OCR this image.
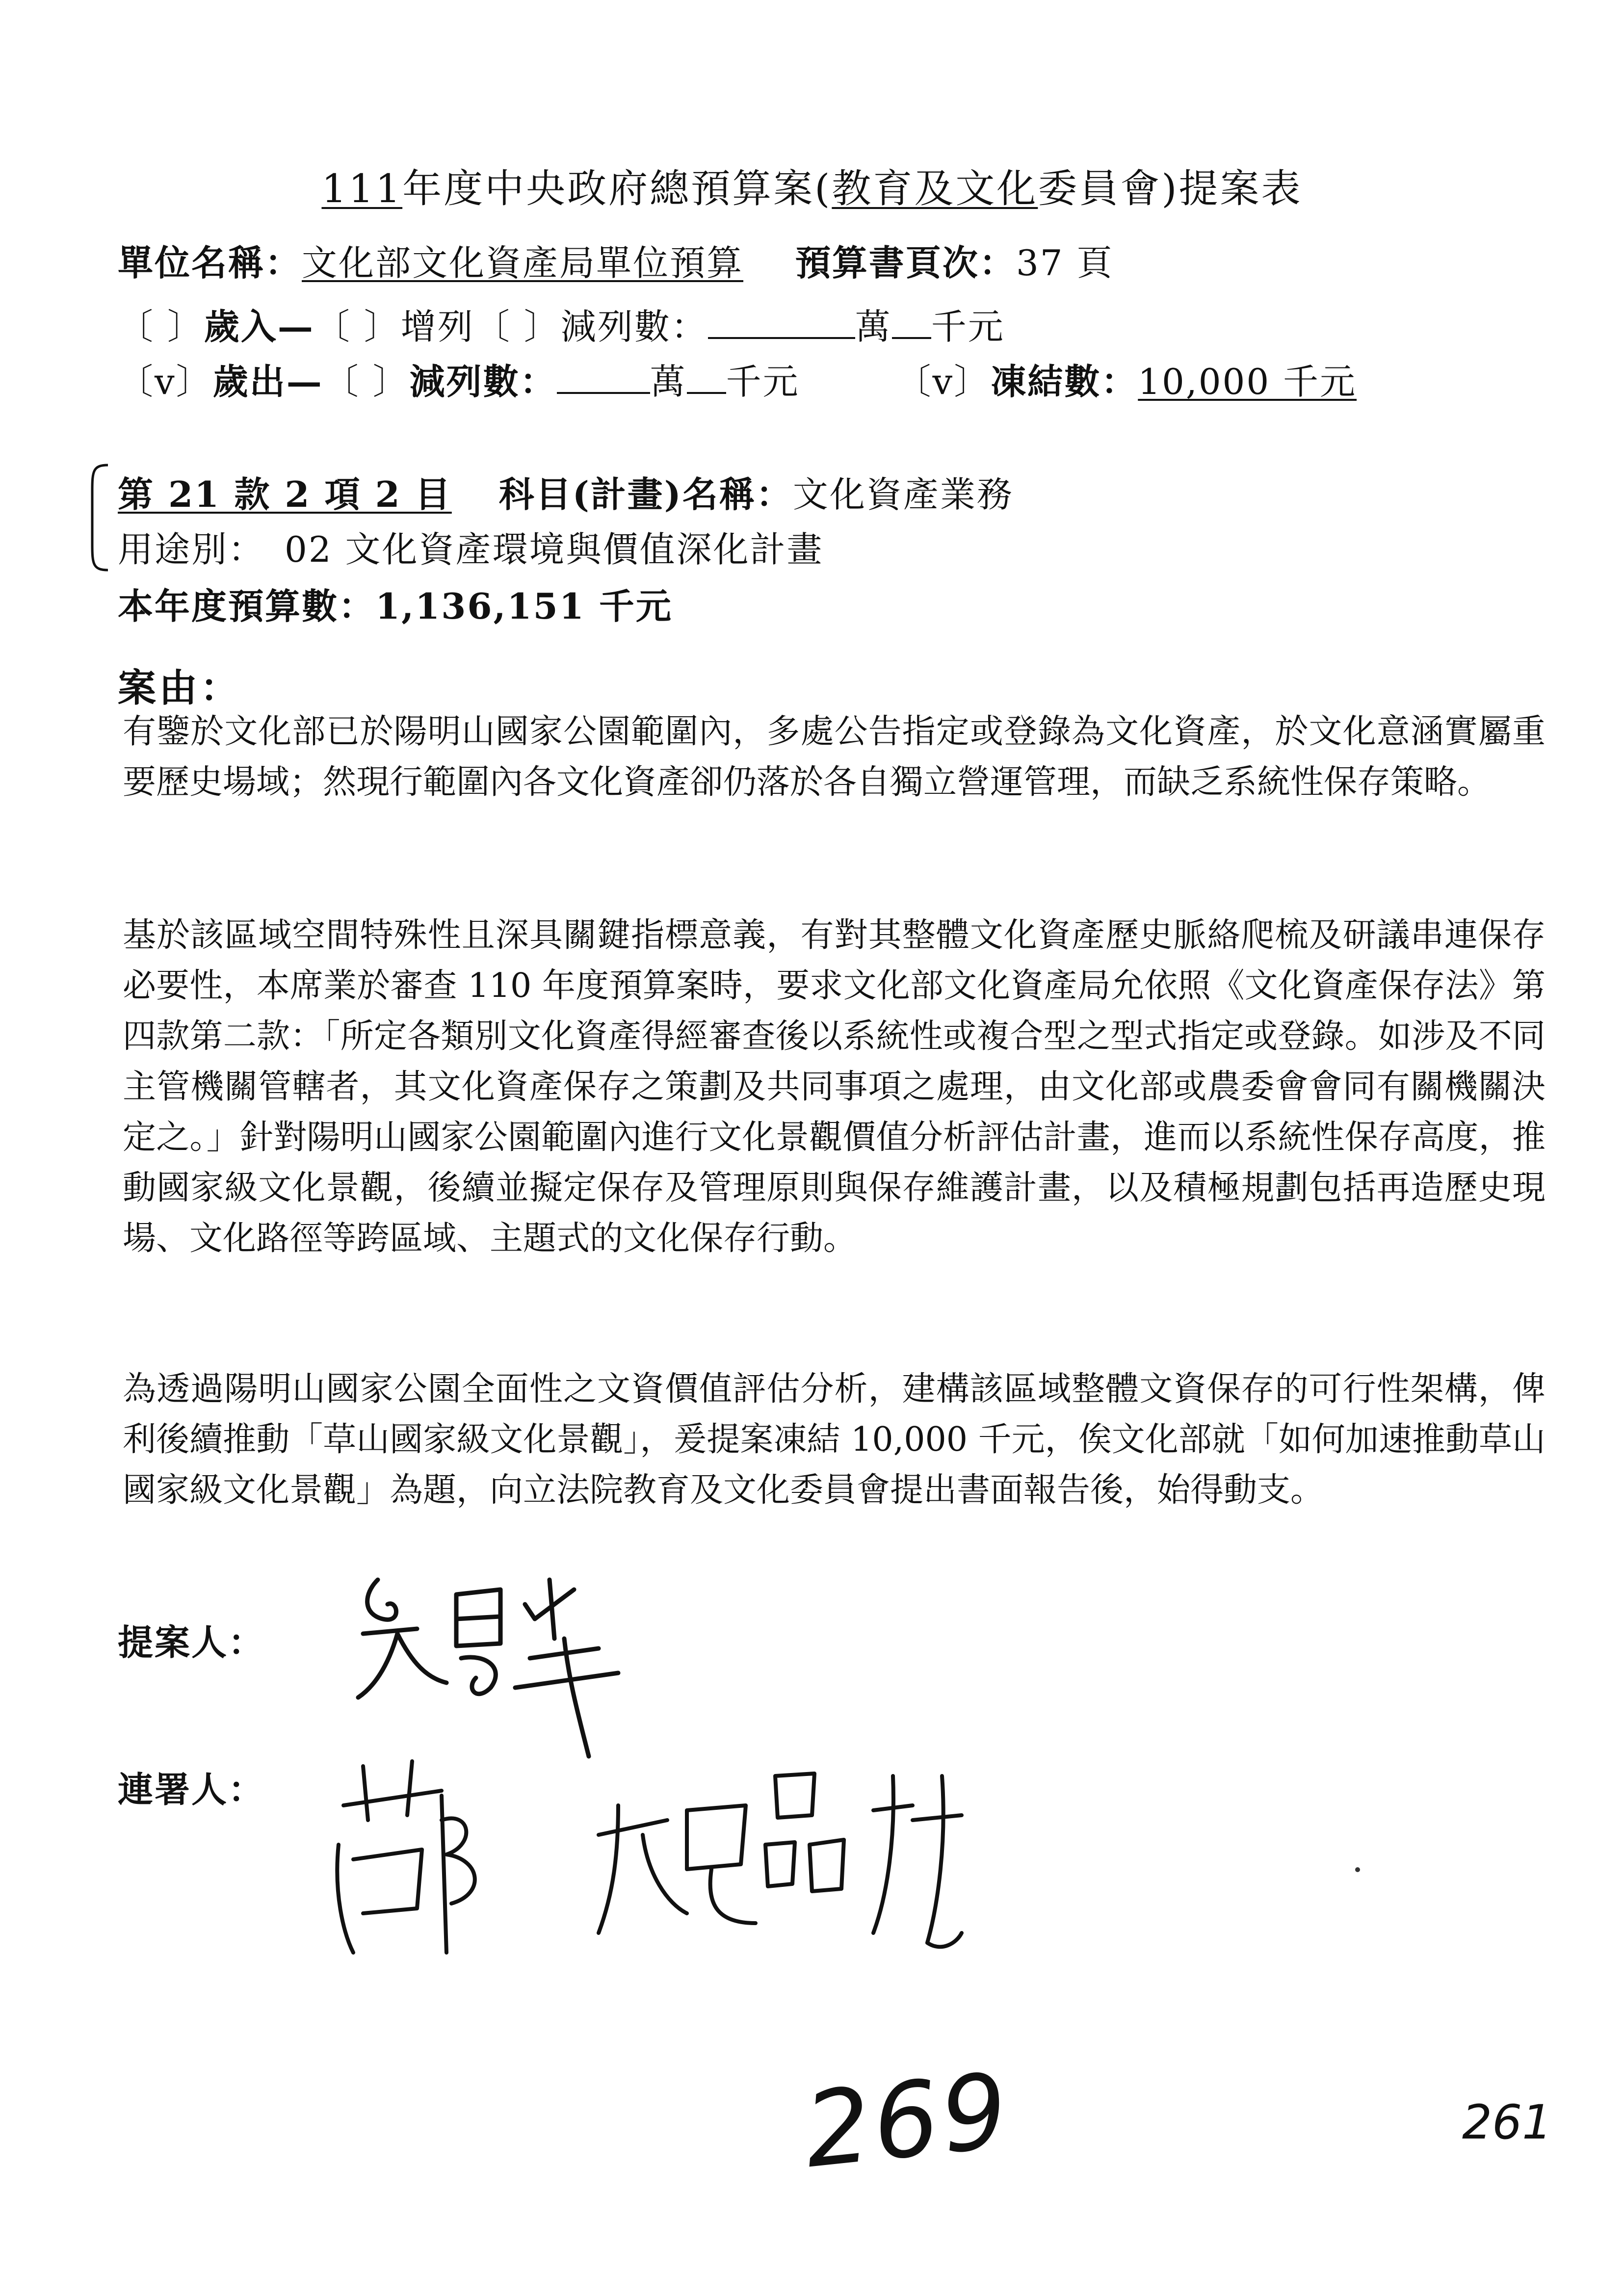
111年度中央政府總預算案(教育及文化委員會)提案表
單位名稱：文化部文化資產局單位預算 預算書頁次：37 頁
〔 〕歲入—〔 〕增列〔 〕減列數：	萬 千元
〔v〕歲出—〔 〕減列數：	萬 千元	〔v〕凍結數：10,000 千元
第 21 款 2 項 2 目 科目(計畫)名稱：文化資產業務
用途別： 02 文化資產環境與價值深化計畫
本年度預算數：1,136,151 千元
案由：
有鑒於文化部已於陽明山國家公園範圍內，多處公告指定或登錄為文化資產，於文化意涵實屬重要歷史場域；然現行範圍內各文化資產卻仍落於各自獨立營運管理，而缺乏系統性保存策略。
基於該區域空間特殊性且深具關鍵指標意義，有對其整體文化資產歷史脈絡爬梳及研議串連保存必要性，本席業於審查 110 年度預算案時，要求文化部文化資產局允依照《文化資產保存法》第四款第二款：「所定各類別文化資產得經審查後以系統性或複合型之型式指定或登錄。如涉及不同主管機關管轄者，其文化資產保存之策劃及共同事項之處理，由文化部或農委會會同有關機關決定之。」針對陽明山國家公園範圍內進行文化景觀價值分析評估計畫，進而以系統性保存高度，推動國家級文化景觀，後續並擬定保存及管理原則與保存維護計畫，以及積極規劃包括再造歷史現場、文化路徑等跨區域、主題式的文化保存行動。
為透過陽明山國家公園全面性之文資價值評估分析，建構該區域整體文資保存的可行性架構，俾利後續推動「草山國家級文化景觀」，爰提案凍結 10,000 千元，俟文化部就「如何加速推動草山國家級文化景觀」為題，向立法院教育及文化委員會提出書面報告後，始得動支。
提案人：
連署人：
269	261
